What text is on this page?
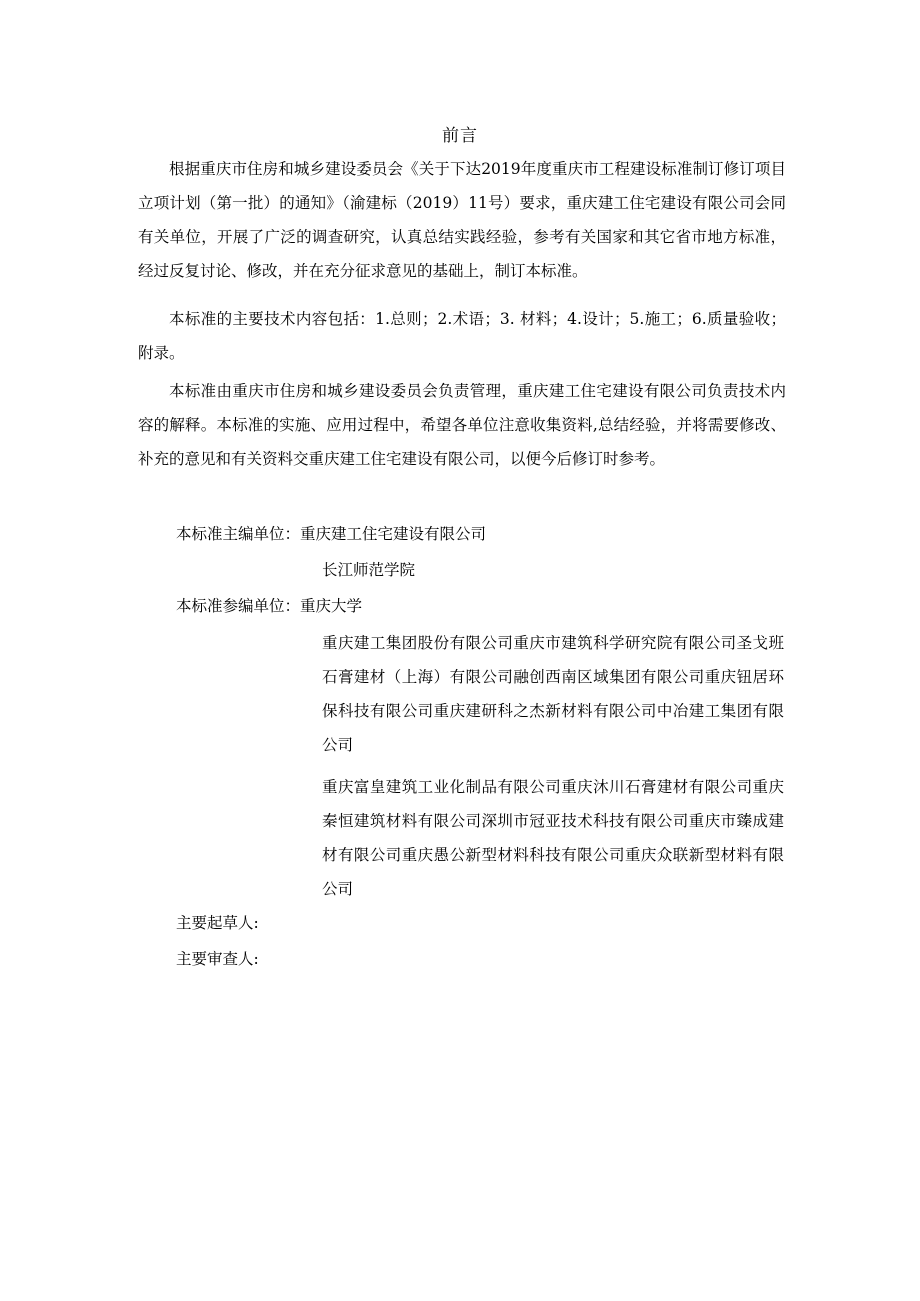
前言

根据重庆市住房和城乡建设委员会《关于下达2019年度重庆市工程建设标准制订修订项目立项计划（第一批）的通知》（渝建标（2019）11号）要求，重庆建工住宅建设有限公司会同有关单位，开展了广泛的调查研究，认真总结实践经验，参考有关国家和其它省市地方标准，经过反复讨论、修改，并在充分征求意见的基础上，制订本标准。

本标准的主要技术内容包括：1.总则；2.术语；3. 材料；4.设计；5.施工；6.质量验收；附录。

本标准由重庆市住房和城乡建设委员会负责管理，重庆建工住宅建设有限公司负责技术内容的解释。本标准的实施、应用过程中，希望各单位注意收集资料,总结经验，并将需要修改、补充的意见和有关资料交重庆建工住宅建设有限公司，以便今后修订时参考。

本标准主编单位：重庆建工住宅建设有限公司
长江师范学院
本标准参编单位：重庆大学

重庆建工集团股份有限公司重庆市建筑科学研究院有限公司圣戈班石膏建材（上海）有限公司融创西南区域集团有限公司重庆钮居环保科技有限公司重庆建研科之杰新材料有限公司中冶建工集团有限公司

重庆富皇建筑工业化制品有限公司重庆沐川石膏建材有限公司重庆秦恒建筑材料有限公司深圳市冠亚技术科技有限公司重庆市臻成建材有限公司重庆愚公新型材料科技有限公司重庆众联新型材料有限公司

主要起草人:
主要审查人:
